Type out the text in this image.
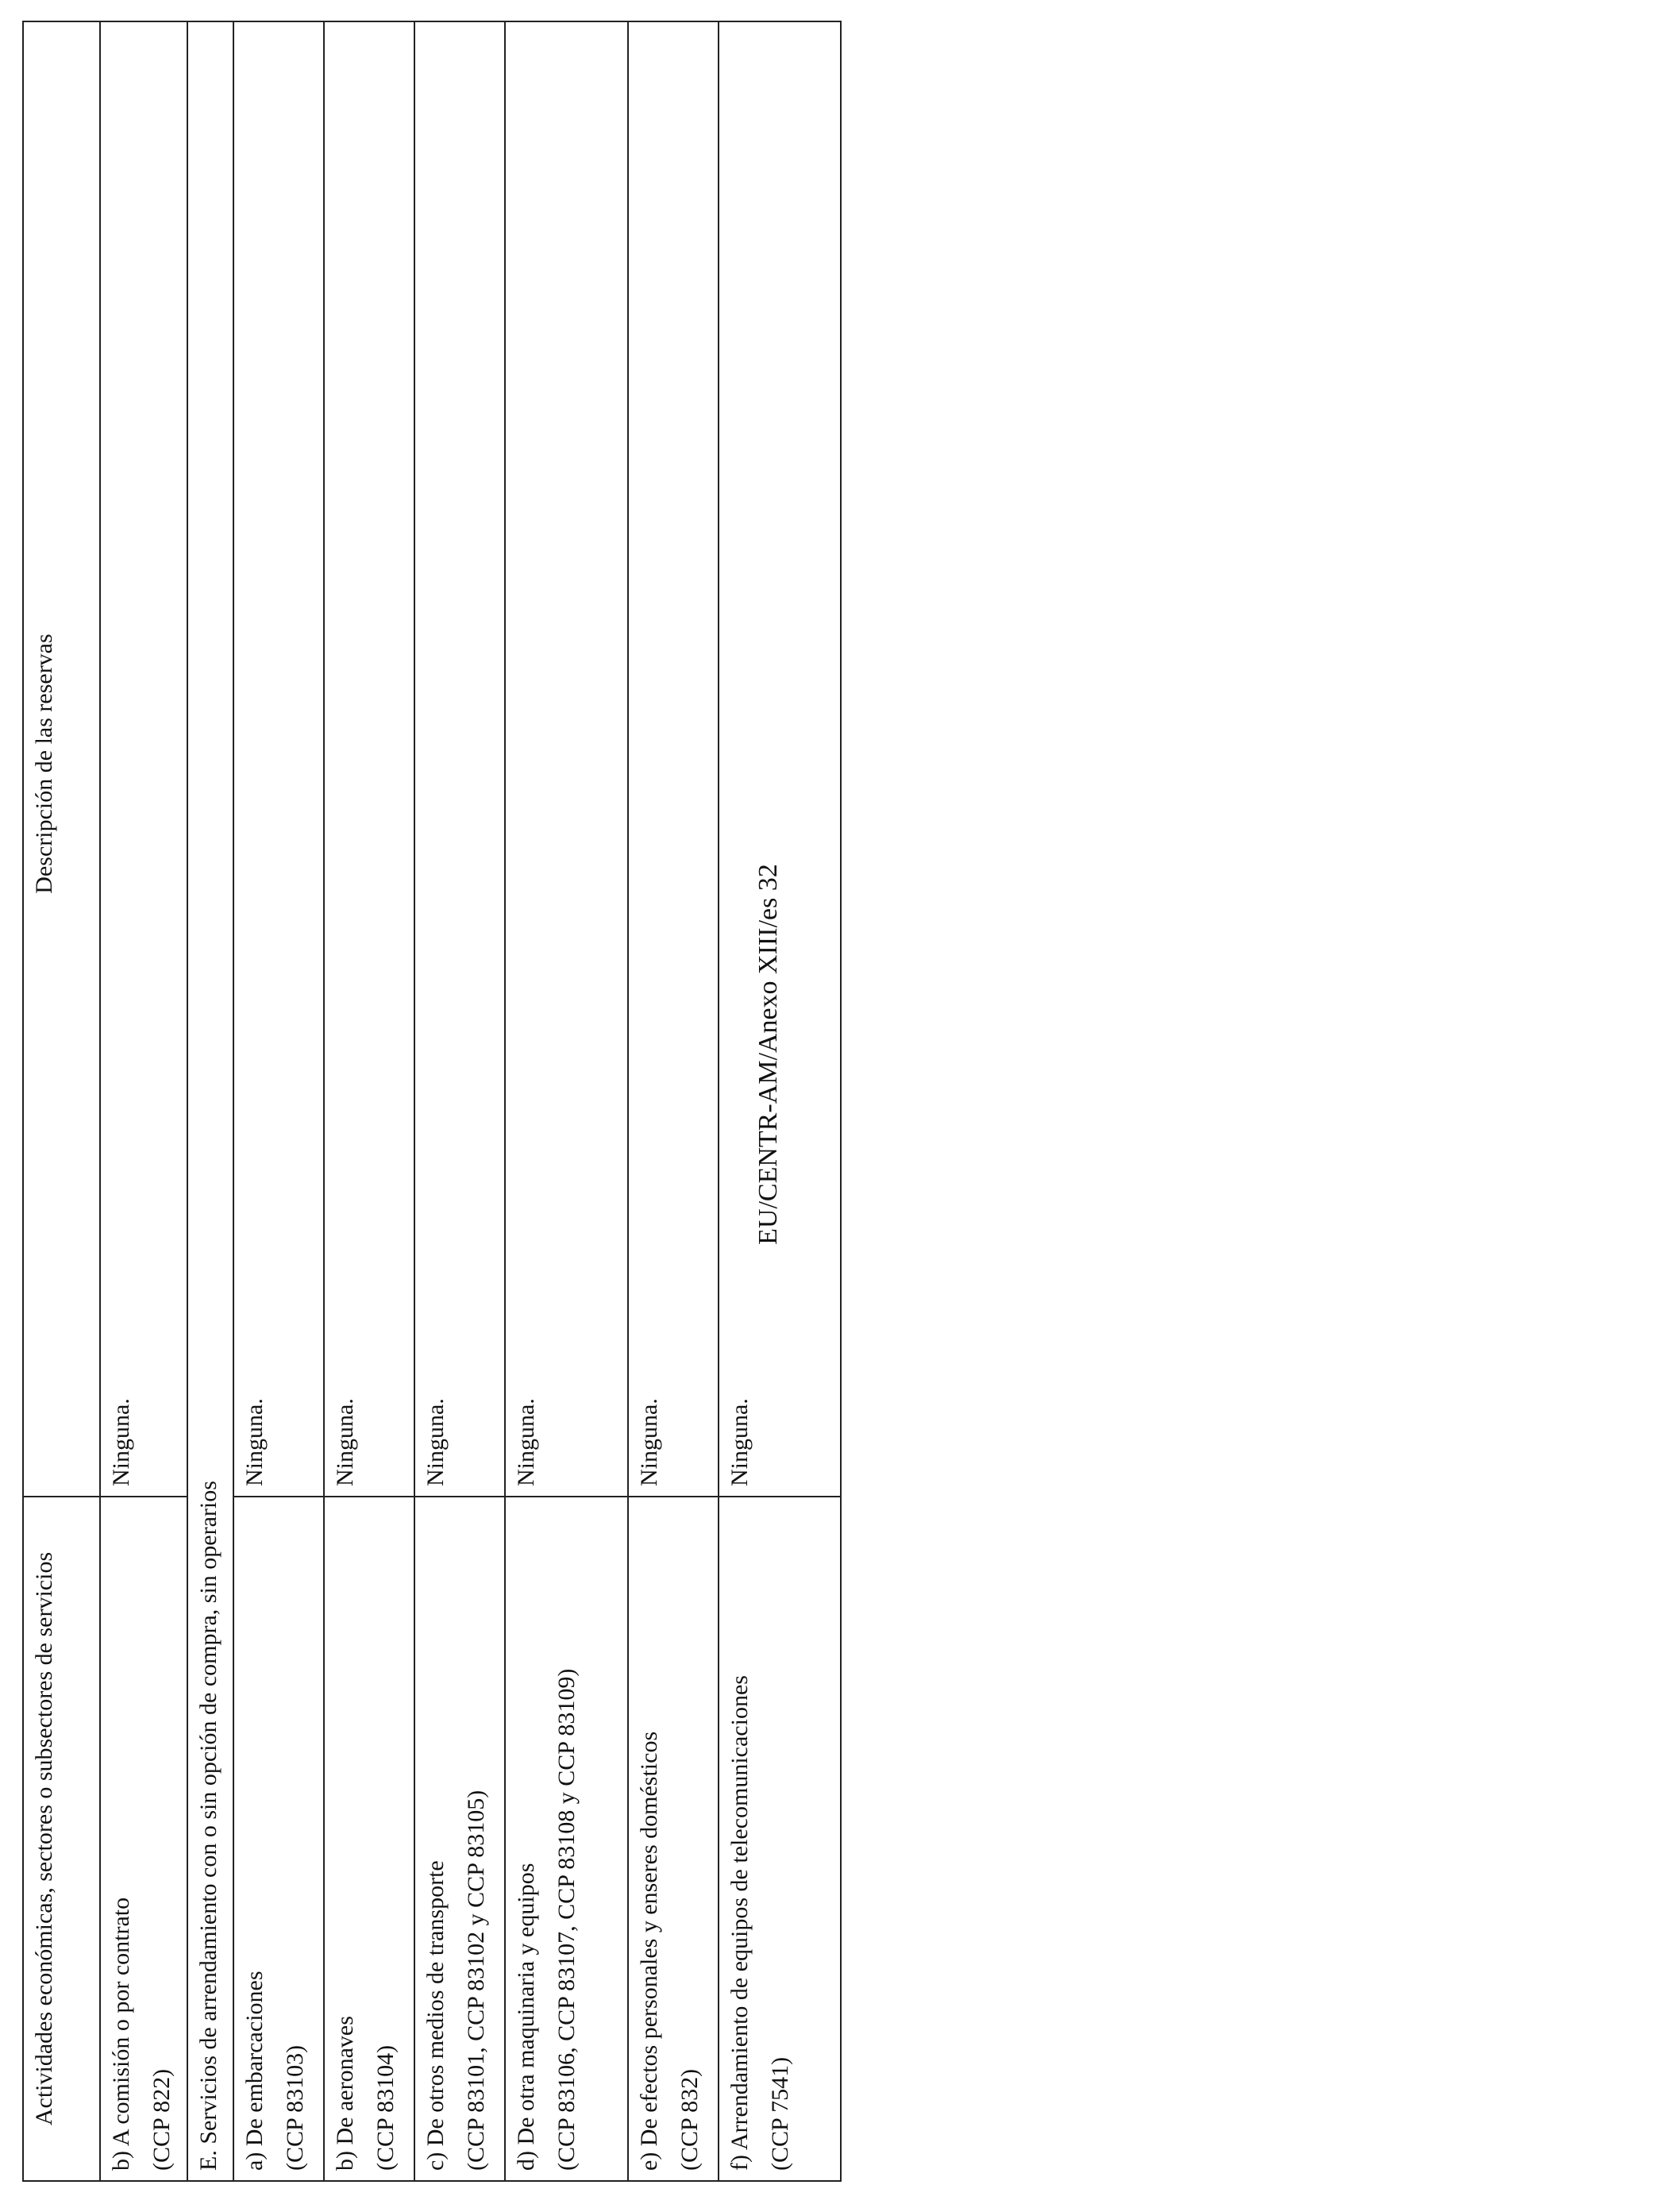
Actividades económicas, sectores o subsectores de servicios	Descripción de las reservas

b) A comisión o por contrato (CCP 822)	Ninguna.
E. Servicios de arrendamiento con o sin opción de compra, sin operarios	

a) De embarcaciones (CCP 83103)	Ninguna.

b) De aeronaves (CCP 83104)	Ninguna.

c) De otros medios de transporte (CCP 83101, CCP 83102 y CCP 83105)	Ninguna.

d) De otra maquinaria y equipos (CCP 83106, CCP 83107, CCP 83108 y CCP 83109)	Ninguna.

e) De efectos personales y enseres domésticos (CCP 832)	Ninguna.

f) Arrendamiento de equipos de telecomunicaciones (CCP 7541)	Ninguna.
EU/CENTR-AM/Anexo XIII/es 32
